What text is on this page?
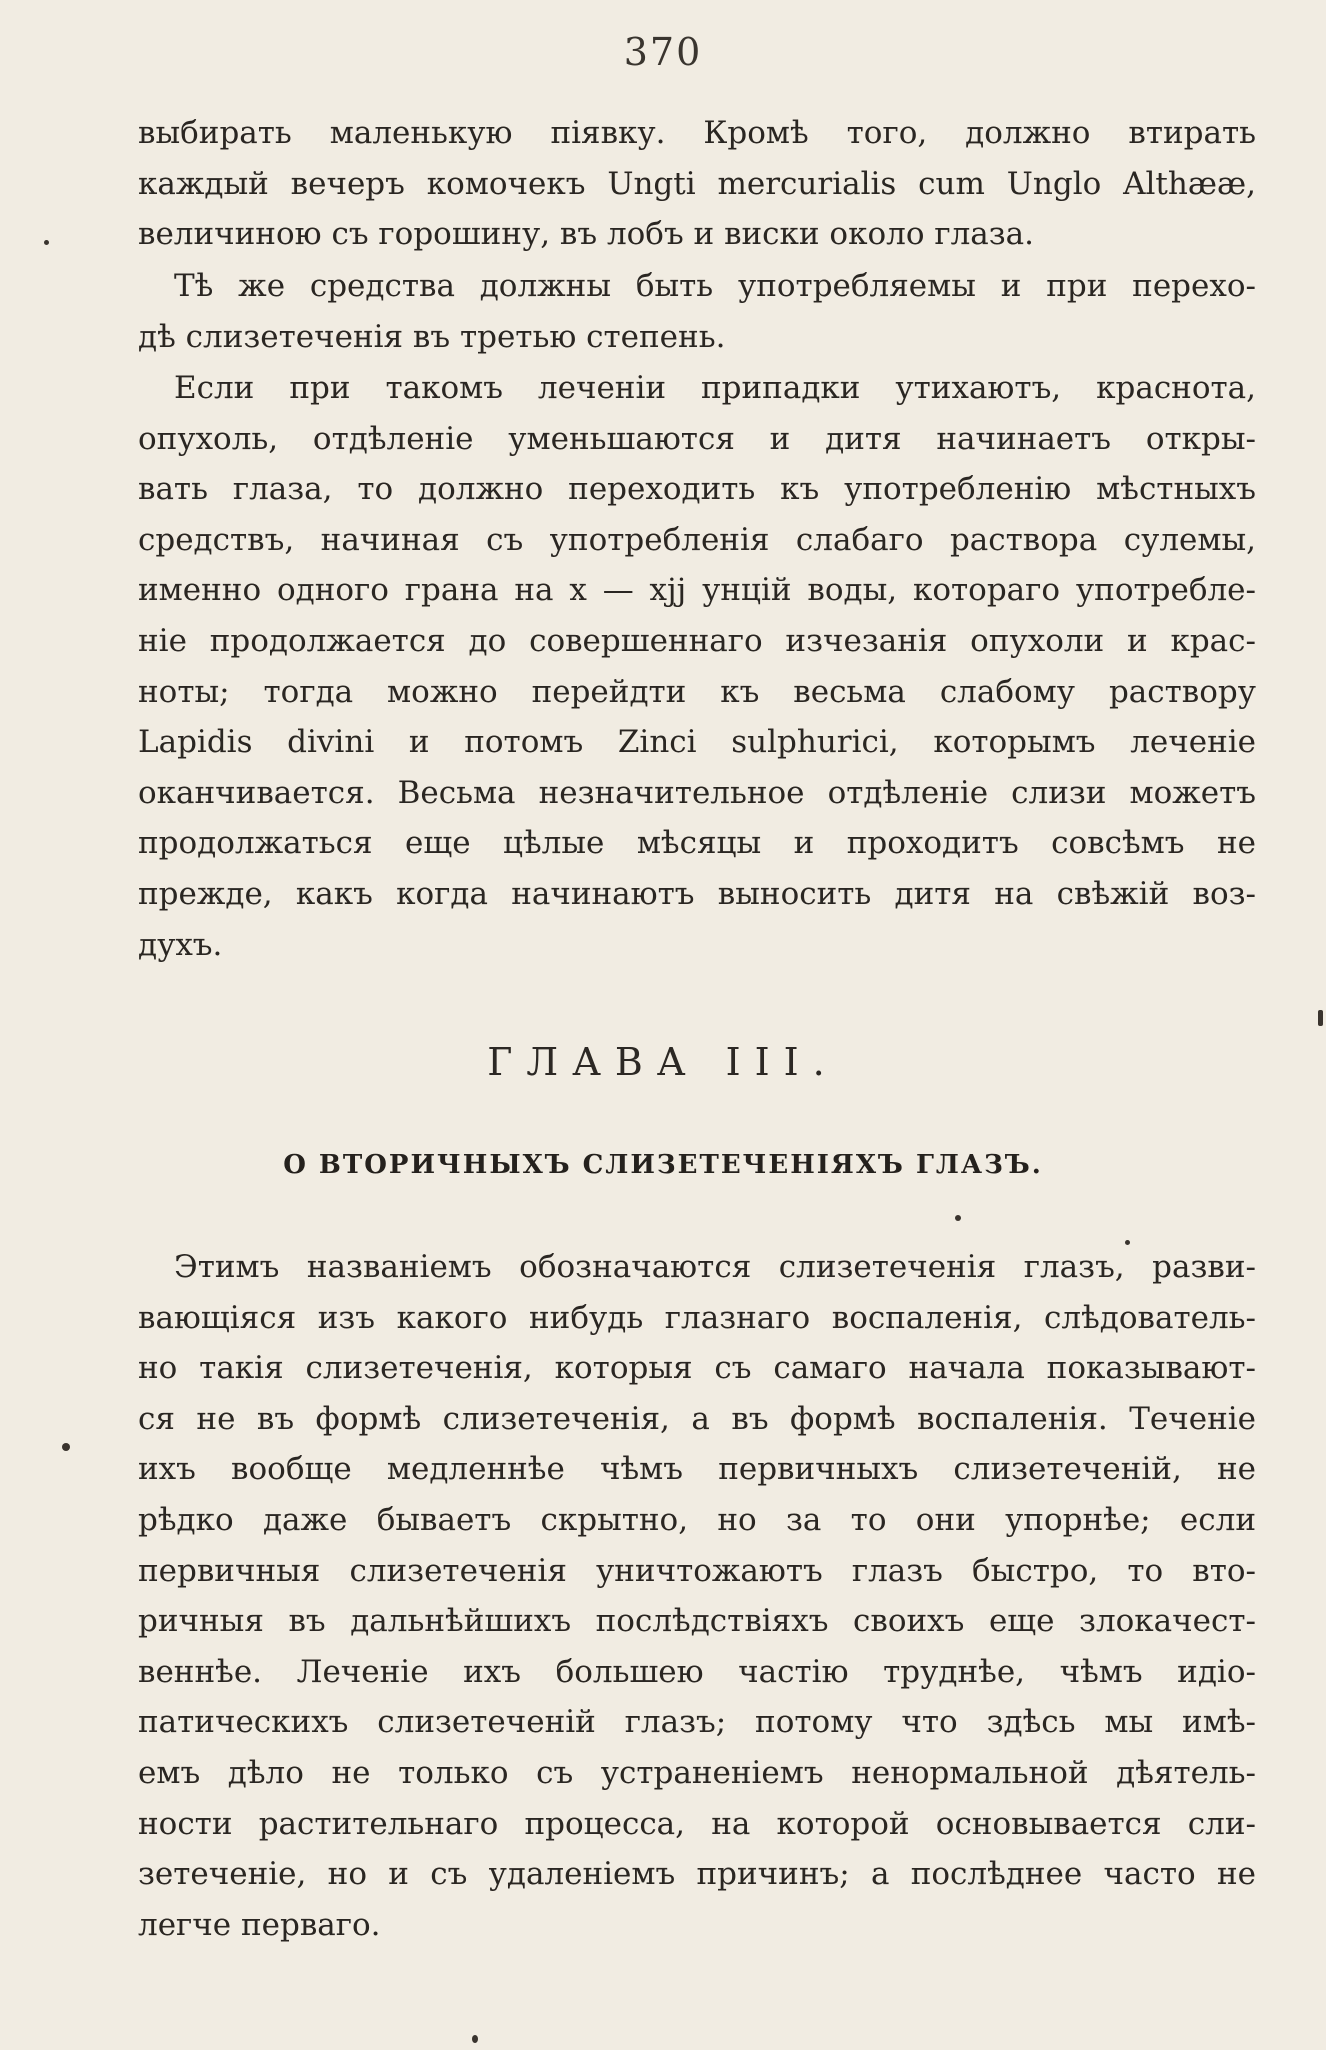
370
выбирать маленькую піявку. Кромѣ того, должно втирать
каждый вечеръ комочекъ Ungti mercurialis cum Unglo Althææ,
величиною съ горошину, въ лобъ и виски около глаза.
Тѣ же средства должны быть употребляемы и при перехо-
дѣ слизетеченія въ третью степень.
Если при такомъ леченіи припадки утихаютъ, краснота,
опухоль, отдѣленіе уменьшаются и дитя начинаетъ откры-
вать глаза, то должно переходить къ употребленію мѣстныхъ
средствъ, начиная съ употребленія слабаго раствора сулемы,
именно одного грана на x — xjj унцій воды, котораго употребле-
ніе продолжается до совершеннаго изчезанія опухоли и крас-
ноты; тогда можно перейдти къ весьма слабому раствору
Lapidis divini и потомъ Zinci sulphurici, которымъ леченіе
оканчивается. Весьма незначительное отдѣленіе слизи можетъ
продолжаться еще цѣлые мѣсяцы и проходитъ совсѣмъ не
прежде, какъ когда начинаютъ выносить дитя на свѣжій воз-
духъ.
ГЛАВА III.
О ВТОРИЧНЫХЪ СЛИЗЕТЕЧЕНІЯХЪ ГЛАЗЪ.
Этимъ названіемъ обозначаются слизетеченія глазъ, разви-
вающіяся изъ какого нибудь глазнаго воспаленія, слѣдователь-
но такія слизетеченія, которыя съ самаго начала показывают-
ся не въ формѣ слизетеченія, а въ формѣ воспаленія. Теченіе
ихъ вообще медленнѣе чѣмъ первичныхъ слизетеченій, не
рѣдко даже бываетъ скрытно, но за то они упорнѣе; если
первичныя слизетеченія уничтожаютъ глазъ быстро, то вто-
ричныя въ дальнѣйшихъ послѣдствіяхъ своихъ еще злокачест-
веннѣе. Леченіе ихъ большею частію труднѣе, чѣмъ идіо-
патическихъ слизетеченій глазъ; потому что здѣсь мы имѣ-
емъ дѣло не только съ устраненіемъ ненормальной дѣятель-
ности растительнаго процесса, на которой основывается сли-
зетеченіе, но и съ удаленіемъ причинъ; а послѣднее часто не
легче перваго.
